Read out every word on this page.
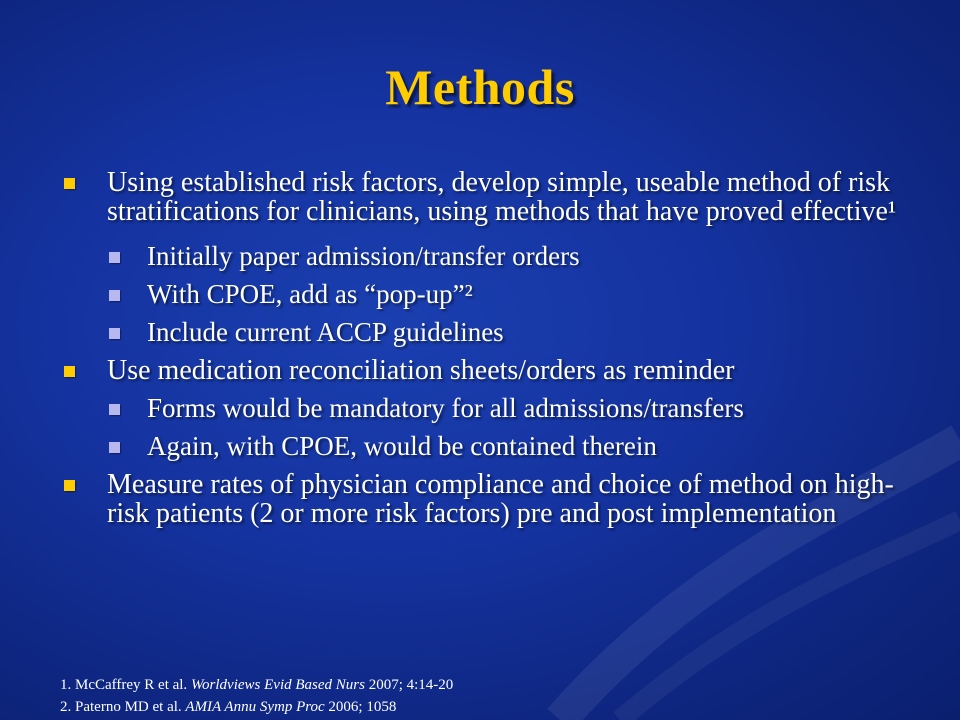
Methods
Using established risk factors, develop simple, useable method of risk stratifications for clinicians, using methods that have proved effective¹
Initially paper admission/transfer orders
With CPOE, add as “pop-up”²
Include current ACCP guidelines
Use medication reconciliation sheets/orders as reminder
Forms would be mandatory for all admissions/transfers
Again, with CPOE, would be contained therein
Measure rates of physician compliance and choice of method on high-risk patients (2 or more risk factors) pre and post implementation
1. McCaffrey R et al. Worldviews Evid Based Nurs 2007; 4:14-20
2. Paterno MD et al. AMIA Annu Symp Proc 2006; 1058
